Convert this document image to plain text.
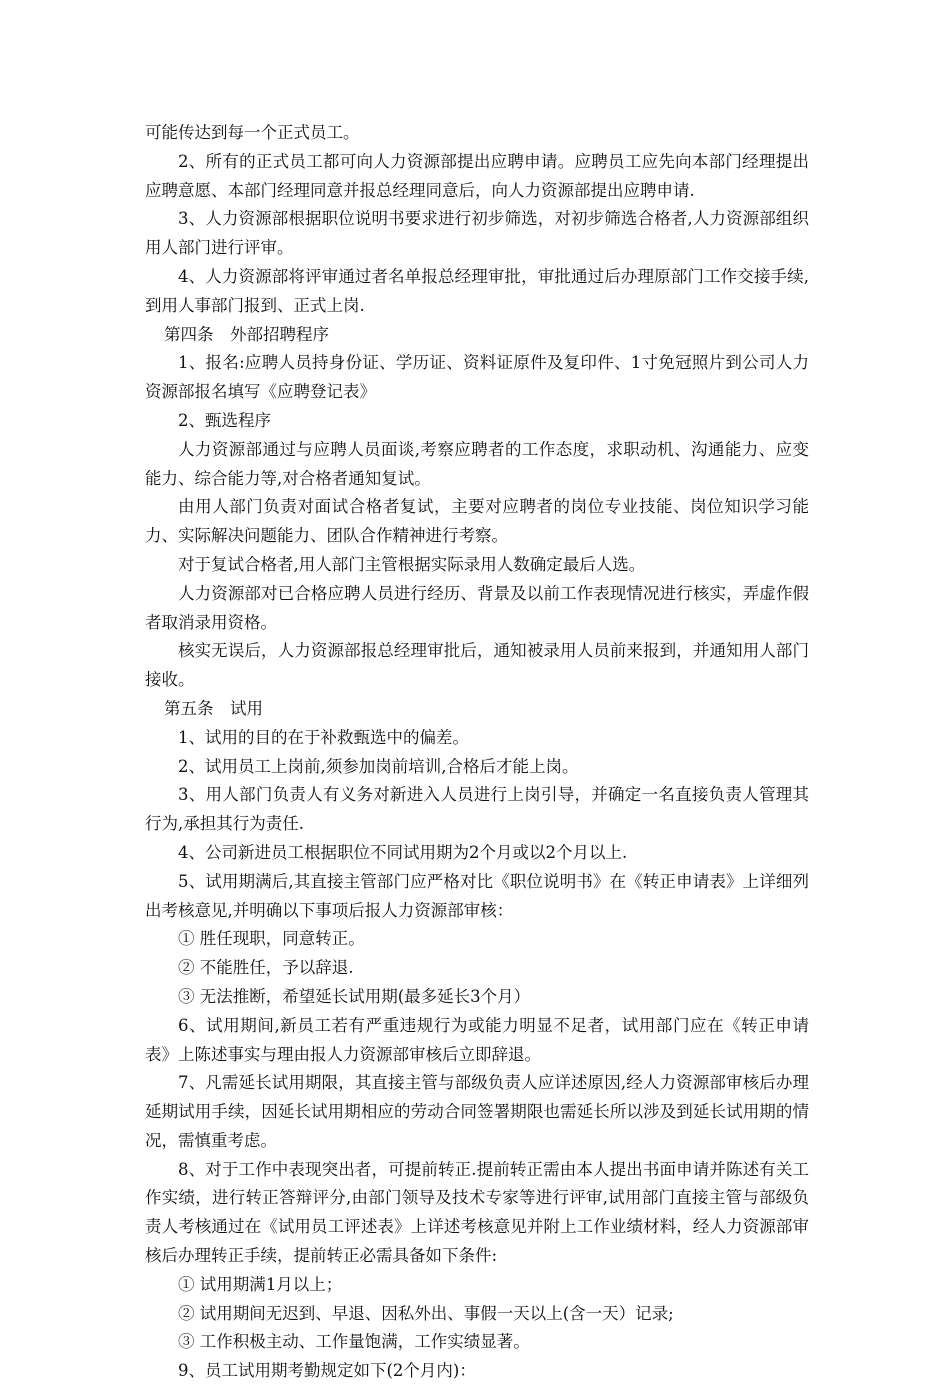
可能传达到每一个正式员工。

2、所有的正式员工都可向人力资源部提出应聘申请。应聘员工应先向本部门经理提出应聘意愿、本部门经理同意并报总经理同意后，向人力资源部提出应聘申请.

3、人力资源部根据职位说明书要求进行初步筛选，对初步筛选合格者,人力资源部组织用人部门进行评审。

4、人力资源部将评审通过者名单报总经理审批，审批通过后办理原部门工作交接手续,到用人事部门报到、正式上岗.

第四条　外部招聘程序

1、报名:应聘人员持身份证、学历证、资料证原件及复印件、1寸免冠照片到公司人力资源部报名填写《应聘登记表》

2、甄选程序

人力资源部通过与应聘人员面谈,考察应聘者的工作态度，求职动机、沟通能力、应变能力、综合能力等,对合格者通知复试。

由用人部门负责对面试合格者复试，主要对应聘者的岗位专业技能、岗位知识学习能力、实际解决问题能力、团队合作精神进行考察。

对于复试合格者,用人部门主管根据实际录用人数确定最后人选。

人力资源部对已合格应聘人员进行经历、背景及以前工作表现情况进行核实，弄虚作假者取消录用资格。

核实无误后，人力资源部报总经理审批后，通知被录用人员前来报到，并通知用人部门接收。

第五条　试用

1、试用的目的在于补救甄选中的偏差。

2、试用员工上岗前,须参加岗前培训,合格后才能上岗。

3、用人部门负责人有义务对新进入人员进行上岗引导，并确定一名直接负责人管理其行为,承担其行为责任.

4、公司新进员工根据职位不同试用期为2个月或以2个月以上.

5、试用期满后,其直接主管部门应严格对比《职位说明书》在《转正申请表》上详细列出考核意见,并明确以下事项后报人力资源部审核：

① 胜任现职，同意转正。

② 不能胜任，予以辞退.

③ 无法推断，希望延长试用期(最多延长3个月）

6、试用期间,新员工若有严重违规行为或能力明显不足者，试用部门应在《转正申请表》上陈述事实与理由报人力资源部审核后立即辞退。

7、凡需延长试用期限，其直接主管与部级负责人应详述原因,经人力资源部审核后办理延期试用手续，因延长试用期相应的劳动合同签署期限也需延长所以涉及到延长试用期的情况，需慎重考虑。

8、对于工作中表现突出者，可提前转正.提前转正需由本人提出书面申请并陈述有关工作实绩，进行转正答辩评分,由部门领导及技术专家等进行评审,试用部门直接主管与部级负责人考核通过在《试用员工评述表》上详述考核意见并附上工作业绩材料，经人力资源部审核后办理转正手续，提前转正必需具备如下条件:

① 试用期满1月以上；

② 试用期间无迟到、早退、因私外出、事假一天以上(含一天）记录;

③ 工作积极主动、工作量饱满，工作实绩显著。

9、员工试用期考勤规定如下(2个月内)：
